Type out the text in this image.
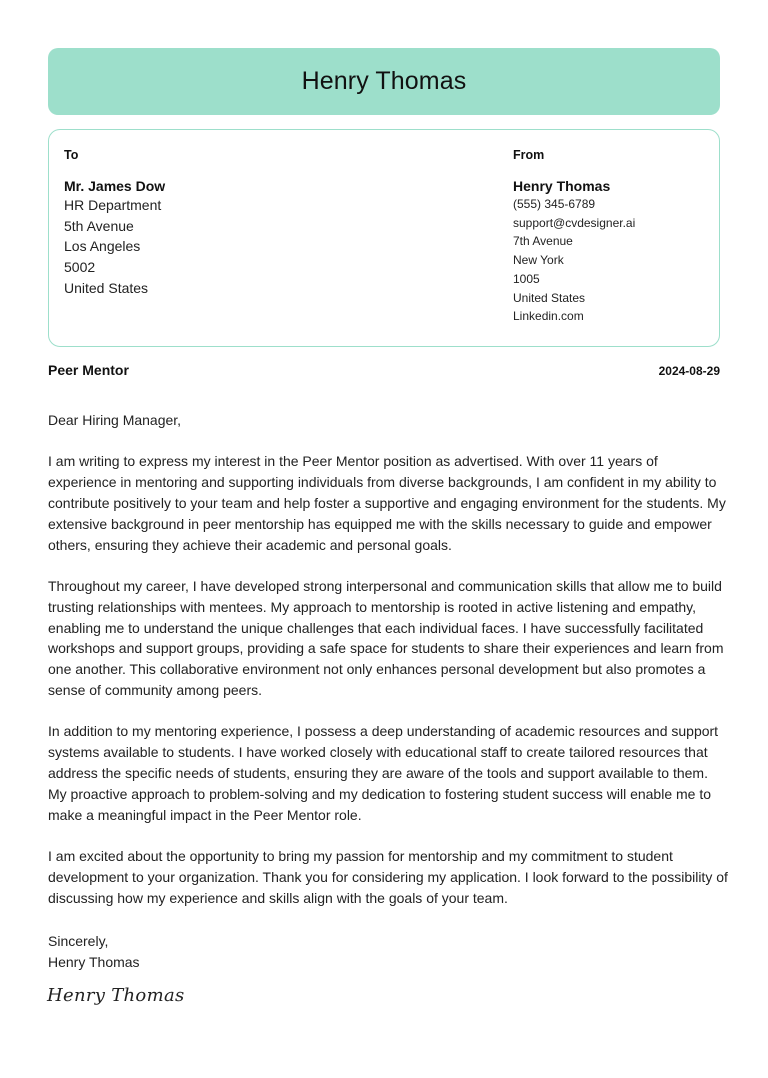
Henry Thomas
To
Mr. James Dow
HR Department
5th Avenue
Los Angeles
5002
United States
From
Henry Thomas
(555) 345-6789
support@cvdesigner.ai
7th Avenue
New York
1005
United States
Linkedin.com
Peer Mentor	2024-08-29

Dear Hiring Manager,

I am writing to express my interest in the Peer Mentor position as advertised. With over 11 years of experience in mentoring and supporting individuals from diverse backgrounds, I am confident in my ability to contribute positively to your team and help foster a supportive and engaging environment for the students. My extensive background in peer mentorship has equipped me with the skills necessary to guide and empower others, ensuring they achieve their academic and personal goals.

Throughout my career, I have developed strong interpersonal and communication skills that allow me to build trusting relationships with mentees. My approach to mentorship is rooted in active listening and empathy, enabling me to understand the unique challenges that each individual faces. I have successfully facilitated workshops and support groups, providing a safe space for students to share their experiences and learn from one another. This collaborative environment not only enhances personal development but also promotes a sense of community among peers.

In addition to my mentoring experience, I possess a deep understanding of academic resources and support systems available to students. I have worked closely with educational staff to create tailored resources that address the specific needs of students, ensuring they are aware of the tools and support available to them. My proactive approach to problem-solving and my dedication to fostering student success will enable me to make a meaningful impact in the Peer Mentor role.

I am excited about the opportunity to bring my passion for mentorship and my commitment to student development to your organization. Thank you for considering my application. I look forward to the possibility of discussing how my experience and skills align with the goals of your team.

Sincerely,
Henry Thomas
Henry Thomas
